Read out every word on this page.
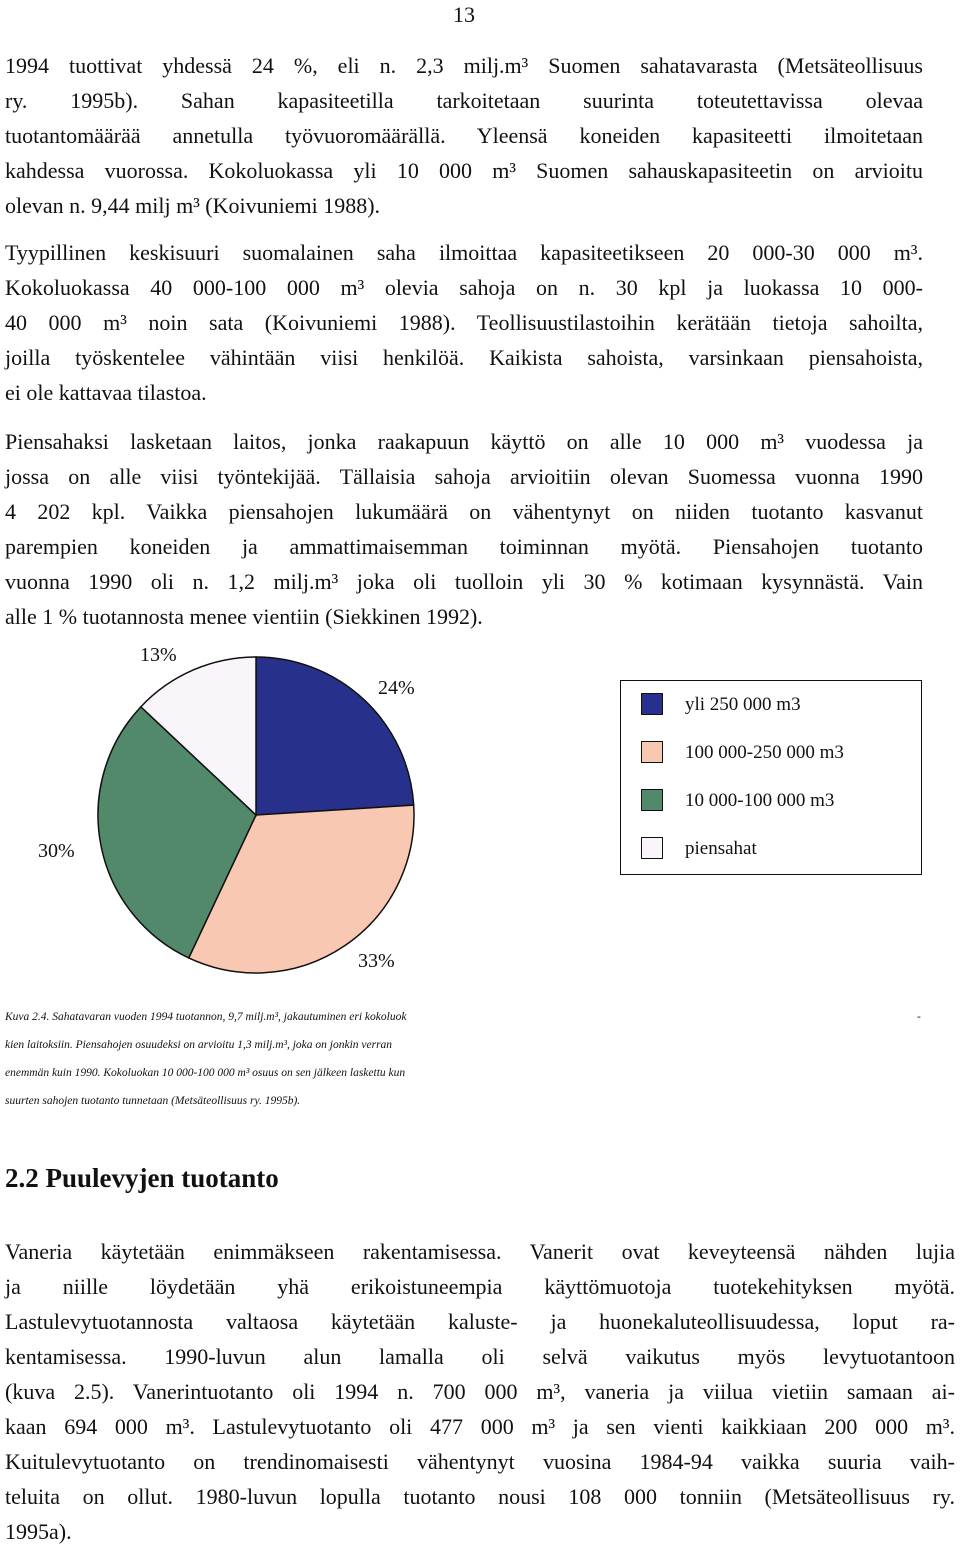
13
1994 tuottivat yhdessä 24 %, eli n. 2,3 milj.m³ Suomen sahatavarasta (Metsäteollisuus
ry. 1995b). Sahan kapasiteetilla tarkoitetaan suurinta toteutettavissa olevaa
tuotantomäärää annetulla työvuoromäärällä. Yleensä koneiden kapasiteetti ilmoitetaan
kahdessa vuorossa. Kokoluokassa yli 10 000 m³ Suomen sahauskapasiteetin on arvioitu
olevan n. 9,44 milj m³ (Koivuniemi 1988).
Tyypillinen keskisuuri suomalainen saha ilmoittaa kapasiteetikseen 20 000-30 000 m³.
Kokoluokassa 40 000-100 000 m³ olevia sahoja on n. 30 kpl ja luokassa 10 000-
40 000 m³ noin sata (Koivuniemi 1988). Teollisuustilastoihin kerätään tietoja sahoilta,
joilla työskentelee vähintään viisi henkilöä. Kaikista sahoista, varsinkaan piensahoista,
ei ole kattavaa tilastoa.
Piensahaksi lasketaan laitos, jonka raakapuun käyttö on alle 10 000 m³ vuodessa ja
jossa on alle viisi työntekijää. Tällaisia sahoja arvioitiin olevan Suomessa vuonna 1990
4 202 kpl. Vaikka piensahojen lukumäärä on vähentynyt on niiden tuotanto kasvanut
parempien koneiden ja ammattimaisemman toiminnan myötä. Piensahojen tuotanto
vuonna 1990 oli n. 1,2 milj.m³ joka oli tuolloin yli 30 % kotimaan kysynnästä. Vain
alle 1 % tuotannosta menee vientiin (Siekkinen 1992).
24%
33%
30%
13%
yli 250 000 m3
100 000-250 000 m3
10 000-100 000 m3
piensahat
Kuva 2.4. Sahatavaran vuoden 1994 tuotannon, 9,7 milj.m³, jakautuminen eri kokoluok	-
kien laitoksiin. Piensahojen osuudeksi on arvioitu 1,3 milj.m³, joka on jonkin verran
enemmän kuin 1990. Kokoluokan 10 000-100 000 m³ osuus on sen jälkeen laskettu kun
suurten sahojen tuotanto tunnetaan (Metsäteollisuus ry. 1995b).
2.2 Puulevyjen tuotanto
Vaneria käytetään enimmäkseen rakentamisessa. Vanerit ovat keveyteensä nähden lujia
ja niille löydetään yhä erikoistuneempia käyttömuotoja tuotekehityksen myötä.
Lastulevytuotannosta valtaosa käytetään kaluste- ja huonekaluteollisuudessa, loput ra-
kentamisessa. 1990-luvun alun lamalla oli selvä vaikutus myös levytuotantoon
(kuva 2.5). Vanerintuotanto oli 1994 n. 700 000 m³, vaneria ja viilua vietiin samaan ai-
kaan 694 000 m³. Lastulevytuotanto oli 477 000 m³ ja sen vienti kaikkiaan 200 000 m³.
Kuitulevytuotanto on trendinomaisesti vähentynyt vuosina 1984-94 vaikka suuria vaih-
teluita on ollut. 1980-luvun lopulla tuotanto nousi 108 000 tonniin (Metsäteollisuus ry.
1995a).
